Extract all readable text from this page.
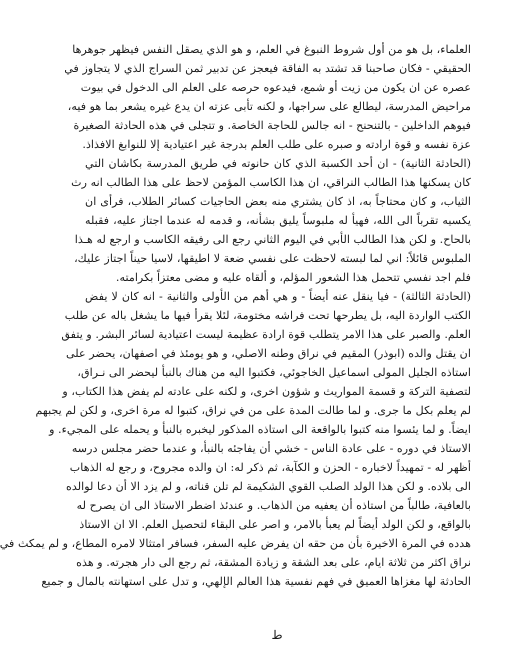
العلماء، بل هو من أول شروط النبوغ في العلم، و هو الذي يصقل النفس فيظهر جوهرها
الحقيقي - فكان صاحبنا قد تشتد به الفاقة فيعجز عن تدبير ثمن السراج الذي لا يتجاوز في
عصره عن ان يكون من زيت أو شمع، فيدعوه حرصه على العلم الى الدخول في بيوت
مراحيض المدرسة، ليطالع على سراجها، و لكنه تأبى عزته ان يدع غيره يشعر بما هو فيه،
فيوهم الداخلين - بالتنحنح - انه جالس للحاجة الخاصة. و تتجلى في هذه الحادثة الصغيرة
عزة نفسه و قوة ارادته و صبره على طلب العلم بدرجة غير اعتيادية إلا للنوابغ الافذاذ.
(الحادثة الثانية) - ان أحد الكسبة الذي كان حانوته في طريق المدرسة بكاشان التي
كان يسكنها هذا الطالب النراقي، ان هذا الكاسب المؤمن لاحظ على هذا الطالب انه رث
الثياب، و كان محتاجاً به، اذ كان يشتري منه بعض الحاجيات كسائر الطلاب، فرأى ان
يكسيه تقرباً الى الله، فهيأ له ملبوساً يليق بشأنه، و قدمه له عندما اجتاز عليه، فقبله
بالحاح. و لكن هذا الطالب الأبي في اليوم الثاني رجع الى رفيقه الكاسب و ارجع له هـذا
الملبوس قائلاً: اني لما لبسته لاحظت على نفسي ضعة لا اطيقها، لاسيا حيناً اجتاز عليك،
فلم اجد نفسي تتحمل هذا الشعور المؤلم، و ألقاه عليه و مضى معتزاً بكرامته.
(الحادثة الثالثة) - فيا ينقل عنه أيضاً - و هي أهم من الأولى والثانية - انه كان لا يفض
الكتب الواردة اليه، بل يطرحها تحت فراشه مختومة، لئلا يقرأ فيها ما يشغل باله عن طلب
العلم. والصبر على هذا الامر يتطلب قوة ارادة عظيمة ليست اعتيادية لسائر البشر. و يتفق
ان يقتل والده (ابوذر) المقيم في نراق وطنه الاصلي، و هو يومئذ في اصفهان، يحضر على
استاذه الجليل المولى اسماعيل الخاجوئي، فكتبوا اليه من هناك بالنبأ ليحضر الى نـراق،
لتصفية التركة و قسمة المواريث و شؤون اخرى، و لكنه على عادته لم يفض هذا الكتاب، و
لم يعلم بكل ما جرى. و لما طالت المدة على من في نراق، كتبوا له مرة اخرى، و لكن لم يجبهم
ايضاً. و لما يئسوا منه كتبوا بالواقعة الى استاذه المذكور ليخبره بالنبأ و يحمله على المجيء. و
الاستاذ في دوره - على عادة الناس - خشي أن يفاجئه بالنبأ، و عندما حضر مجلس درسه
أظهر له - تمهيداً لاخباره - الحزن و الكآبة، ثم ذكر له: ان والده مجروح، و رجع له الذهاب
الى بلاده. و لكن هذا الولد الصلب القوي الشكيمة لم تلن قناته، و لم يزد الا أن دعا لوالده
بالعافية، طالباً من استاذه أن يعفيه من الذهاب. و عندئذ اضطر الاستاذ الى ان يصرح له
بالواقع، و لكن الولد أيضاً لم يعبأ بالامر، و اصر على البقاء لتحصيل العلم. الا ان الاستاذ
هدده في المرة الاخيرة بأن من حقه ان يفرض عليه السفر، فسافر امتثالا لامره المطاع، و لم يمكث في
نراق اكثر من ثلاثة ايام، على بعد الشقة و زيادة المشقة، ثم رجع الى دار هجرته. و هذه
الحادثة لها مغزاها العميق في فهم نفسية هذا العالم الإلهي، و تدل على استهانته بالمال و جميع
ط
